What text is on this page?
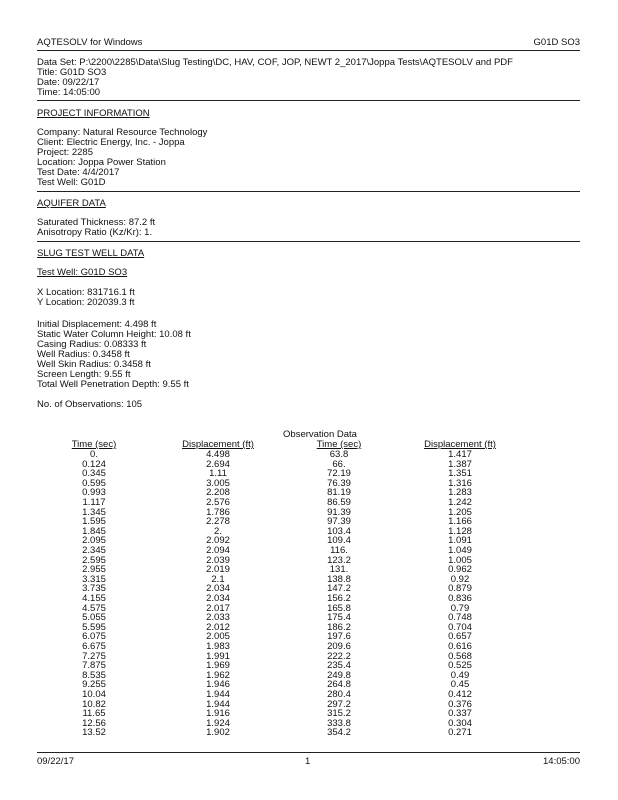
AQTESOLV for Windows	G01D SO3
Data Set: P:\2200\2285\Data\Slug Testing\DC, HAV, COF, JOP, NEWT 2_2017\Joppa Tests\AQTESOLV and PDF
Title: G01D SO3
Date: 09/22/17
Time: 14:05:00
PROJECT INFORMATION
Company: Natural Resource Technology
Client: Electric Energy, Inc. - Joppa
Project: 2285
Location: Joppa Power Station
Test Date: 4/4/2017
Test Well: G01D
AQUIFER DATA
Saturated Thickness: 87.2 ft
Anisotropy Ratio (Kz/Kr): 1.
SLUG TEST WELL DATA
Test Well: G01D SO3
X Location: 831716.1 ft
Y Location: 202039.3 ft
Initial Displacement: 4.498 ft
Static Water Column Height: 10.08 ft
Casing Radius: 0.08333 ft
Well Radius: 0.3458 ft
Well Skin Radius: 0.3458 ft
Screen Length: 9.55 ft
Total Well Penetration Depth: 9.55 ft
No. of Observations: 105
Observation Data
Time (sec)	Displacement (ft)	Time (sec)	Displacement (ft)
0.	4.498	63.8	1.417
0.124	2.694	66.	1.387
0.345	1.11	72.19	1.351
0.595	3.005	76.39	1.316
0.993	2.208	81.19	1.283
1.117	2.576	86.59	1.242
1.345	1.786	91.39	1.205
1.595	2.278	97.39	1.166
1.845	2.	103.4	1.128
2.095	2.092	109.4	1.091
2.345	2.094	116.	1.049
2.595	2.039	123.2	1.005
2.955	2.019	131.	0.962
3.315	2.1	138.8	0.92
3.735	2.034	147.2	0.879
4.155	2.034	156.2	0.836
4.575	2.017	165.8	0.79
5.055	2.033	175.4	0.748
5.595	2.012	186.2	0.704
6.075	2.005	197.6	0.657
6.675	1.983	209.6	0.616
7.275	1.991	222.2	0.568
7.875	1.969	235.4	0.525
8.535	1.962	249.8	0.49
9.255	1.946	264.8	0.45
10.04	1.944	280.4	0.412
10.82	1.944	297.2	0.376
11.65	1.916	315.2	0.337
12.56	1.924	333.8	0.304
13.52	1.902	354.2	0.271
09/22/17	1	14:05:00
